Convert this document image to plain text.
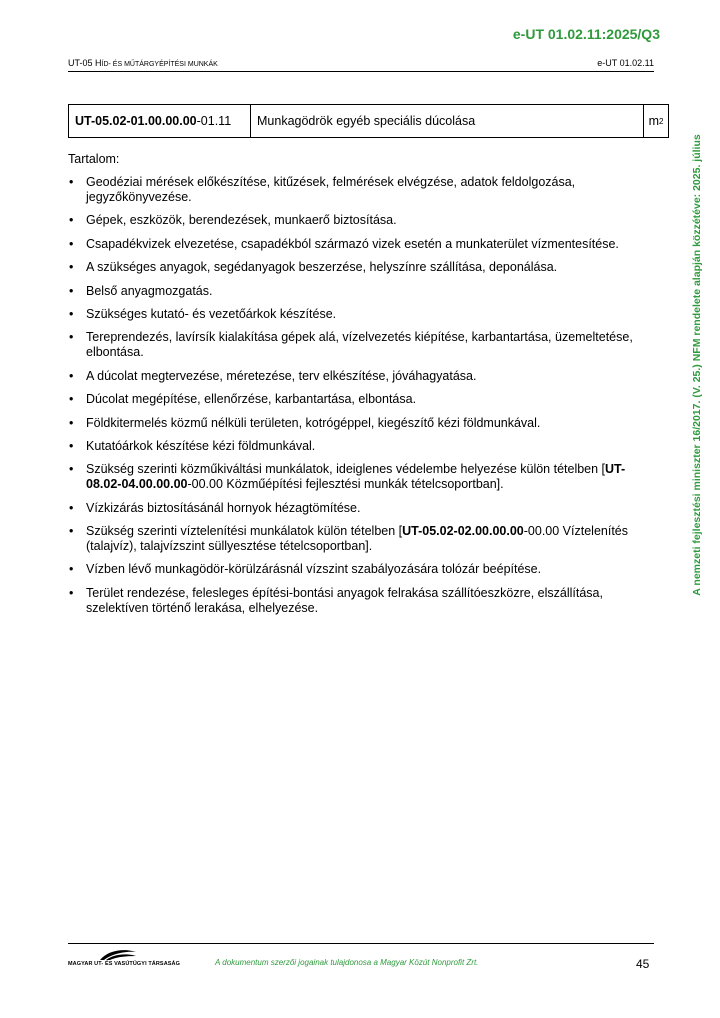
e-UT 01.02.11:2025/Q3
UT-05 HÍD- ÉS MŰTÁRGYÉPÍTÉSI MUNKÁK	e-UT 01.02.11
UT-05.02-01.00.00.00 -01.11 Munkagödrök egyéb speciális dúcolása	m 2
Tartalom:
• Geodéziai mérések előkészítése, kitűzések, felmérések elvégzése, adatok feldolgozása, jegyzőkönyvezése.
• Gépek, eszközök, berendezések, munkaerő biztosítása.
• Csapadékvizek elvezetése, csapadékból származó vizek esetén a munkaterület vízmentesítése.
• A szükséges anyagok, segédanyagok beszerzése, helyszínre szállítása, deponálása.
• Belső anyagmozgatás.
• Szükséges kutató- és vezetőárkok készítése.
• Tereprendezés, lavírsík kialakítása gépek alá, vízelvezetés kiépítése, karbantartása, üzemeltetése, elbontása.
• A dúcolat megtervezése, méretezése, terv elkészítése, jóváhagyatása.
• Dúcolat megépítése, ellenőrzése, karbantartása, elbontása.
• Földkitermelés közmű nélküli területen, kotrógéppel, kiegészítő kézi földmunkával.
• Kutatóárkok készítése kézi földmunkával.
• Szükség szerinti közműkiváltási munkálatok, ideiglenes védelembe helyezése külön tételben [UT-08.02-04.00.00.00-00.00 Közműépítési fejlesztési munkák tételcsoportban].
• Vízkizárás biztosításánál hornyok hézagtömítése.
• Szükség szerinti víztelenítési munkálatok külön tételben [UT-05.02-02.00.00.00-00.00 Víztelenítés (talajvíz), talajvízszint süllyesztése tételcsoportban].
• Vízben lévő munkagödör-körülzárásnál vízszint szabályozására tolózár beépítése.
• Terület rendezése, felesleges építési-bontási anyagok felrakása szállítóeszközre, elszállítása, szelektíven történő lerakása, elhelyezése.
A nemzeti fejlesztési miniszter 16/2017. (V. 25.) NFM rendelete alapján közzétéve: 2025. július
MAGYAR UT- ÉS VASÚTÜGYI TÁRSASÁG	A dokumentum szerzői jogainak tulajdonosa a Magyar Közút Nonprofit Zrt.	45
